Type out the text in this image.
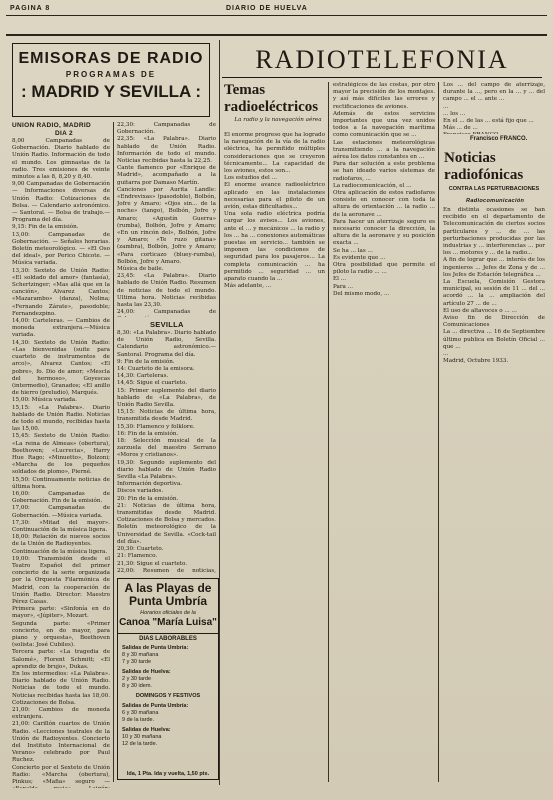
PAGINA 8	DIARIO DE HUELVA
EMISORAS DE RADIO
PROGRAMAS DE
: MADRID Y SEVILLA :
RADIOTELEFONIA
UNION RADIO, MADRID
DIA 2
8,00 Campanadas de Gobernación. Diario hablado de Unión Radio. Información de todo el mundo. Los gimnastas de la radio. Tres emisiones de veinte minutos a las 8, 8,20 y 8,40.
9,00 Campanadas de Gobernación — Informaciones diversas de Unión Radio: Cotizaciones de Bolsa. — Calendario astronómico. — Santoral. — Bolsa de trabajo.— Programa del día.
9,15: Fin de la emisión.
13,00: Campanadas de Gobernación. — Señales horarias. Boletín meteorológico. — «El Oso del ideal», por Perico Chicote. — Música variada.
13,30: Sexteto de Unión Radio: «El soldado del amor» (fantasía), Schertzinger; «Mas allá que en la canción», Alvarez Cantos; «Mazarambo» (danza), Nolina; «Fernando Zárate», pasodoble; Fernandezpino.
14,00: Carteleras. — Cambios de moneda extranjera.—Música variada.
14,30: Sexteto de Unión Radio: «Las bienvenidas (suite para cuarteto de instrumentos de arco)», Alvarez Cantos; «El pobre», fo. Dio de amor; «Mescla del hermoso», Goyescas (intermedio), Granados; «El anillo de hierro (preludio), Marqués.
15,00: Música variada.
15,15: «La Palabra». Diario hablado de Unión Radio. Noticias de todo el mundo, recibidas hasta las 15,00.
15,45: Sexteto de Unión Radio: «La reina de Almeas» (obertura), Beethoven; «Lucrecia», Harry Hue Rago; «Minuetto», Bolzoni; «Marcha de los pequeños soldados de plomo», Pierné.
15,50: Continuamente noticias de última hora.
16,00: Campanadas de Gobernación. Fin de la emisión.
17,00: Campanadas de Gobernación. —Música variada.
17,30: «Mitad del mayor». Continuación de la música ligera.
18,00: Relación de nuevos socios de la Unión de Radioyentes.
Continuación de la música ligera.
19,00: Transmisión desde el Teatro Español del primer concierto de la serie organizada por la Orquesta Filarmónica de Madrid, con la cooperación de Unión Radio. Director: Maestro Pérez Casas.
Primera parte: «Sinfonía en do mayor», «Júpiter», Mozart.
Segunda parte: «Primer concierto, en do mayor, para piano y orquesta», Beethoven (solista: José Cubiles).
Tercera parte: «La tragedia de Salomé», Florent Schmitt; «El aprendiz de brujo», Dukas.
En los intermedios: «La Palabra». Diario hablado de Unión Radio. Noticias de todo el mundo. Noticias recibidas hasta las 18,00. Cotizaciones de Bolsa.
21,00: Cambios de moneda extranjera.
21,00: Carillón cuartos de Unión Radio. «Lecciones teatrales de la Unión de Radioyentes. Concierto del Instituto Internacional de Verano» celebrado por Paul Ruchez.
Concierto por el Sexteto de Unión Radio: «Marcha (obertura), Pinkus; «Mafia» seguro —
22,30: Campanadas de Gobernación.
22,35: «La Palabra». Diario hablado de Unión Radio. Información de todo el mundo. Noticias recibidas hasta la 22,25.
Cante flamenco por «Enrique de Madrid», acompañado a la guitarra por Damaso Martín.
Canciones por Aurita Landle: «Endrevixas» (pasodoble), Bolbón, Jofre y Amaro; «Ojos sin... de la noche» (tango), Bolbón, Jofre y Amaro; «Agustín Guerra» (rumba), Bolbón, Jofre y Amaro; «En un rincón del», Bolbón, Jofre y Amaro; «Te ruzo gitana» (zambra), Bolbón, Jofre y Amaro; «Para corticazo (bluey-rumba), Bolbón, Jofre y Amaro.
Música de baile.
23,45: «La Palabra». Diario hablado de Unión Radio. Resumen de noticias de todo el mundo. Ultima hora. Noticias recibidas hasta las 23,30.
24,00: Campanadas de
SEVILLA
8,30: «La Palabra». Diario hablado de Unión Radio, Sevilla. Calendario astronómico.— Santoral. Programa del día.
9: Fin de la emisión.
14: Cuarteto de la emisora.
14,30: Carteleras.
14,45: Sigue el cuarteto.
15: Primer suplemento del diario hablado de «La Palabra», de Unión Radio Sevilla.
15,15: Noticias de última hora, transmitida desde Madrid.
15,30: Flamenco y folklore.
16: Fin de la emisión.
18: Selección musical de la zarzuela del maestro Serrano «Moros y cristianos».
19,30: Segundo suplemento del diario hablado de Unión Radio Sevilla «La Palabra».
Información deportiva.
Discos variados.
20: Fin de la emisión.
21: Noticias de última hora, transmitidas desde Madrid. Cotizaciones de Bolsa y mercados. Boletín meteorológico de la Universidad de Sevilla. «Cock-tail del día».
20,30: Cuarteto.
21: Flamenco.
21,30: Sigue el cuarteto.
22,00: Resumen de noticias,

A las Playas de Punta Umbría
Horarios oficiales de la
Canoa "María Luisa"
DIAS LABORABLES
Salidas de Punta Umbría:
8 y 30 mañana
7 y 30 tarde
Salidas de Huelva:
2 y 30 tarde
8 y 30 idem.
DOMINGOS Y FESTIVOS
Salidas de Punta Umbría:
6 y 30 mañana
9 de la tarde.
Salidas de Huelva:
10 y 30 mañana
12 de la tarde.
Ida, 1 Pta. Ida y vuelta, 1,50 pts.
Temas radioeléctricos
La radio y la navegación aérea
El enorme progreso que ha logrado la navegación de la vía de la radio eléctrica, ha permitido múltiples consideraciones que se creyeron técnicamente... La capacidad de los aviones, estos son...
Los estudios del ...
El enorme avance radioeléctrico aplicado en las instalaciones necesarias para el piloto de un avión, estas dificultades...
Una sola radio eléctrica podría cargar los avisos... Los aviones, ante el ... y mecánicos ... la radio y los ... ha ... conexiones automáticas puestas en servicio... también se imponen las condiciones de seguridad para los pasajeros... La completa comunicación ... ha permitido ... seguridad ... un aparato cuando la ...
Más adelante, ...
estratégicos de las costas, por otro mayor la precisión de los montajes. y así más difíciles las errores y rectificaciones de aviones.
Además de estos servicios importantes que una vez unidos todos a la navegación marítima como comunicación que se ...
Las estaciones meteorológicas transmitiendo ... a la navegación aérea los datos constantes en ...
Para dar solución a este problema se han ideado varios sistemas de radiofaros, ...
La radiocomunicación, el ...
Otra aplicación de estos radiofaros consiste en conocer con toda la altura de orientación ... la radio ... de la aeronave ...
Para hacer un aterrizaje seguro es necesario conocer la dirección, la altura de la aeronave y su posición exacta ...
Se ha ... las ...
Es evidente que ...
Otra posibilidad que permite el piloto la radio ... ...
El ...
Para ...
Del mismo modo, ...
Los ... del campo de aterrizaje, durante la ..., pero en la ... y ... del campo ... el ... ante ...
...
... los ...
En el ... de las ... está fijo que ...
Más ... de ...

Francisco FRANCO.
Noticias radiofónicas
CONTRA LAS PERTURBACIONES
Radiocomunicación
En distinta ocasiones se han recibido en el departamento de Telecomunicación de ciertos socios particulares y ... de ... las perturbaciones producidas por las industrias y ... interferencias ... por los ... motores y ... de la radio...
A fin de lograr que ... interés de los ingenieros ... Jefes de Zona y de ... los Jefes de Estación telegráfica ...
La Escuela, Comisión Gestora municipal, su sesión de 11 ... del ... acordó ... la ... ampliación del artículo 27 ... de ...
El uso de altavoces o ... ...
Aviso fin de Dirección de Comunicaciones
La ... directiva ... 16 de Septiembre último publica en Boletín Oficial ... que ...
...
Madrid, Octubre 1933.
